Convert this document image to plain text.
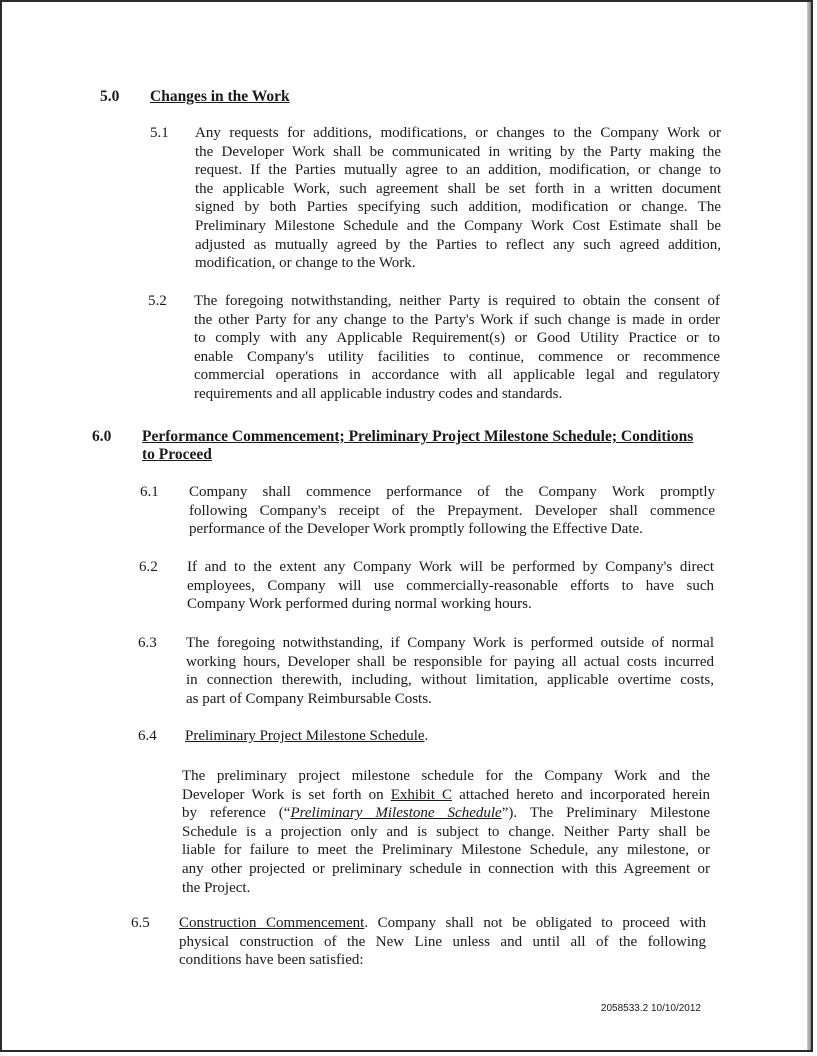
5.0 Changes in the Work
5.1 Any requests for additions, modifications, or changes to the Company Work or
the Developer Work shall be communicated in writing by the Party making the
request. If the Parties mutually agree to an addition, modification, or change to
the applicable Work, such agreement shall be set forth in a written document
signed by both Parties specifying such addition, modification or change. The
Preliminary Milestone Schedule and the Company Work Cost Estimate shall be
adjusted as mutually agreed by the Parties to reflect any such agreed addition,
modification, or change to the Work.
5.2 The foregoing notwithstanding, neither Party is required to obtain the consent of
the other Party for any change to the Party's Work if such change is made in order
to comply with any Applicable Requirement(s) or Good Utility Practice or to
enable Company's utility facilities to continue, commence or recommence
commercial operations in accordance with all applicable legal and regulatory
requirements and all applicable industry codes and standards.
6.0 Performance Commencement; Preliminary Project Milestone Schedule; Conditions
to Proceed
6.1 Company shall commence performance of the Company Work promptly
following Company's receipt of the Prepayment. Developer shall commence
performance of the Developer Work promptly following the Effective Date.
6.2 If and to the extent any Company Work will be performed by Company's direct
employees, Company will use commercially-reasonable efforts to have such
Company Work performed during normal working hours.
6.3 The foregoing notwithstanding, if Company Work is performed outside of normal
working hours, Developer shall be responsible for paying all actual costs incurred
in connection therewith, including, without limitation, applicable overtime costs,
as part of Company Reimbursable Costs.
6.4 Preliminary Project Milestone Schedule.
The preliminary project milestone schedule for the Company Work and the
Developer Work is set forth on Exhibit C attached hereto and incorporated herein
by reference (“Preliminary Milestone Schedule”). The Preliminary Milestone
Schedule is a projection only and is subject to change. Neither Party shall be
liable for failure to meet the Preliminary Milestone Schedule, any milestone, or
any other projected or preliminary schedule in connection with this Agreement or
the Project.
6.5 Construction Commencement. Company shall not be obligated to proceed with
physical construction of the New Line unless and until all of the following
conditions have been satisfied:
2058533.2 10/10/2012
